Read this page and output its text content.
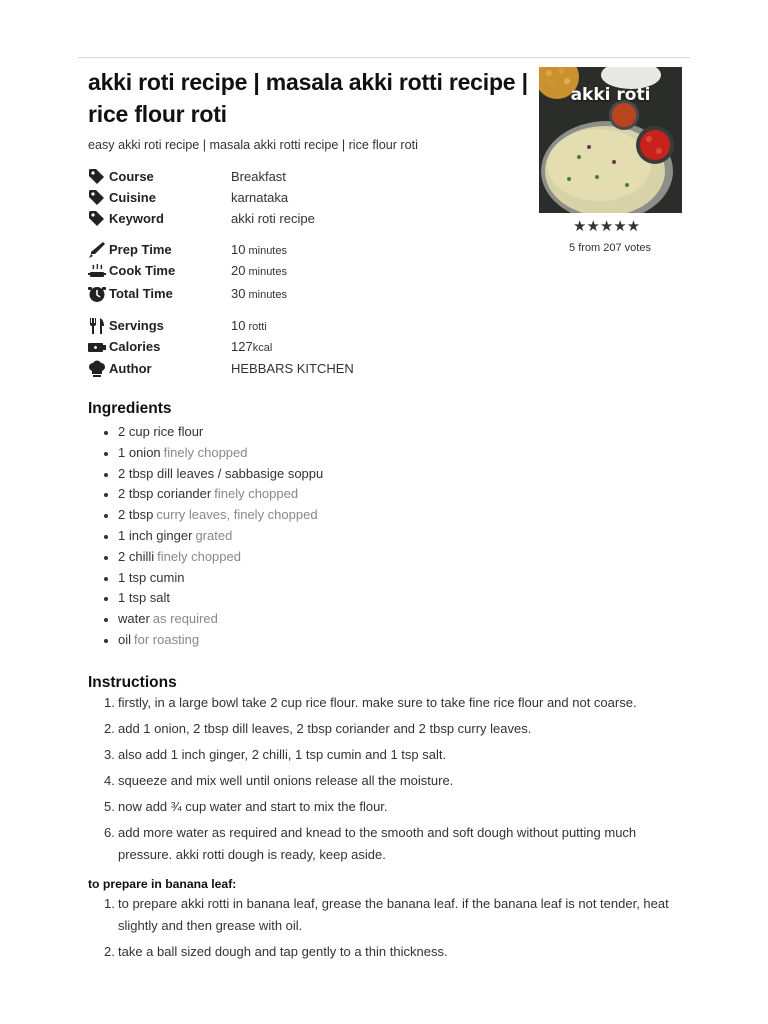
akki roti recipe | masala akki rotti recipe | rice flour roti

easy akki roti recipe | masala akki rotti recipe | rice flour roti

akki roti
★★★★★
5 from 207 votes
Course	Breakfast
Cuisine	karnataka
Keyword	akki roti recipe
Prep Time	10 minutes
Cook Time	20 minutes
Total Time	30 minutes
Servings	10 rotti
Calories	127kcal
Author	HEBBARS KITCHEN
Ingredients
2 cup rice flour
1 onion finely chopped
2 tbsp dill leaves / sabbasige soppu
2 tbsp coriander finely chopped
2 tbsp curry leaves, finely chopped
1 inch ginger grated
2 chilli finely chopped
1 tsp cumin
1 tsp salt
water as required
oil for roasting
Instructions
1. firstly, in a large bowl take 2 cup rice flour. make sure to take fine rice flour and not coarse.
2. add 1 onion, 2 tbsp dill leaves, 2 tbsp coriander and 2 tbsp curry leaves.
3. also add 1 inch ginger, 2 chilli, 1 tsp cumin and 1 tsp salt.
4. squeeze and mix well until onions release all the moisture.
5. now add ¾ cup water and start to mix the flour.
6. add more water as required and knead to the smooth and soft dough without putting much pressure. akki rotti dough is ready, keep aside.
to prepare in banana leaf:
1. to prepare akki rotti in banana leaf, grease the banana leaf. if the banana leaf is not tender, heat slightly and then grease with oil.
2. take a ball sized dough and tap gently to a thin thickness.
